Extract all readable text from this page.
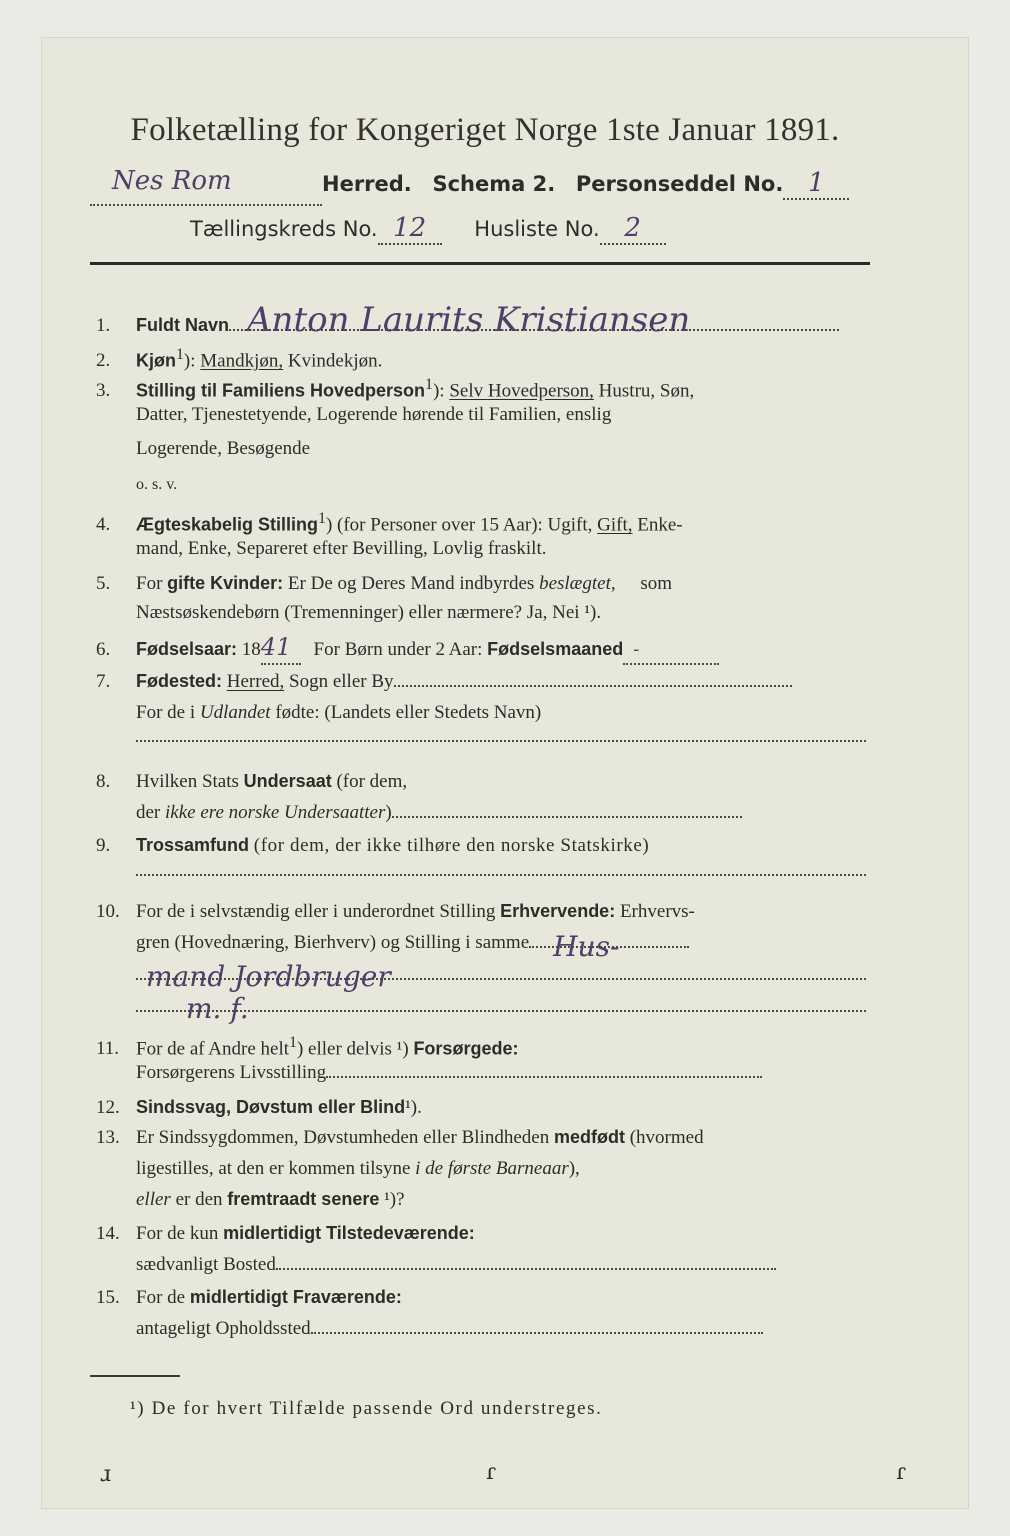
Folketælling for Kongeriget Norge 1ste Januar 1891.
Nes Rom	Herred. Schema 2. Personseddel No. 1
Tællingskreds No. 12 Husliste No. 2
1. Fuldt Navn Anton Laurits Kristiansen
2. Kjøn$^1$): Mandkjøn, Kvindekjøn.
3. Stilling til Familiens Hovedperson$^1$): Selv Hovedperson, Hustru, Søn,
Datter, Tjenestetyende, Logerende hørende til Familien, enslig
Logerende, Besøgende
o. s. v.
4. Ægteskabelig Stilling$^1$) (for Personer over 15 Aar): Ugift, Gift, Enke-
mand, Enke, Separeret efter Bevilling, Lovlig fraskilt.
5. For gifte Kvinder: Er De og Deres Mand indbyrdes beslægtet, som
Næstsøskendebørn (Tremenninger) eller nærmere? Ja, Nei ¹).
6. Fødselsaar: 1841 For Børn under 2 Aar: Fødselsmaaned -
7. Fødested: Herred, Sogn eller By
For de i Udlandet fødte: (Landets eller Stedets Navn)
8. Hvilken Stats Undersaat (for dem,
der ikke ere norske Undersaatter)
9. Trossamfund (for dem, der ikke tilhøre den norske Statskirke)
10. For de i selvstændig eller i underordnet Stilling Erhvervende: Erhvervs-
gren (Hovednæring, Bierhverv) og Stilling i samme Hus-
mand Jordbruger
m. f.
11. For de af Andre helt$^1$) eller delvis ¹) Forsørgede:
Forsørgerens Livsstilling
12. Sindssvag, Døvstum eller Blind¹).
13. Er Sindssygdommen, Døvstumheden eller Blindheden medfødt (hvormed
ligestilles, at den er kommen tilsyne i de første Barneaar),
eller er den fremtraadt senere ¹)?
14. For de kun midlertidigt Tilstedeværende:
sædvanligt Bosted
15. For de midlertidigt Fraværende:
antageligt Opholdssted
¹) De for hvert Tilfælde passende Ord understreges.
ɹ	ɾ	ɾ
